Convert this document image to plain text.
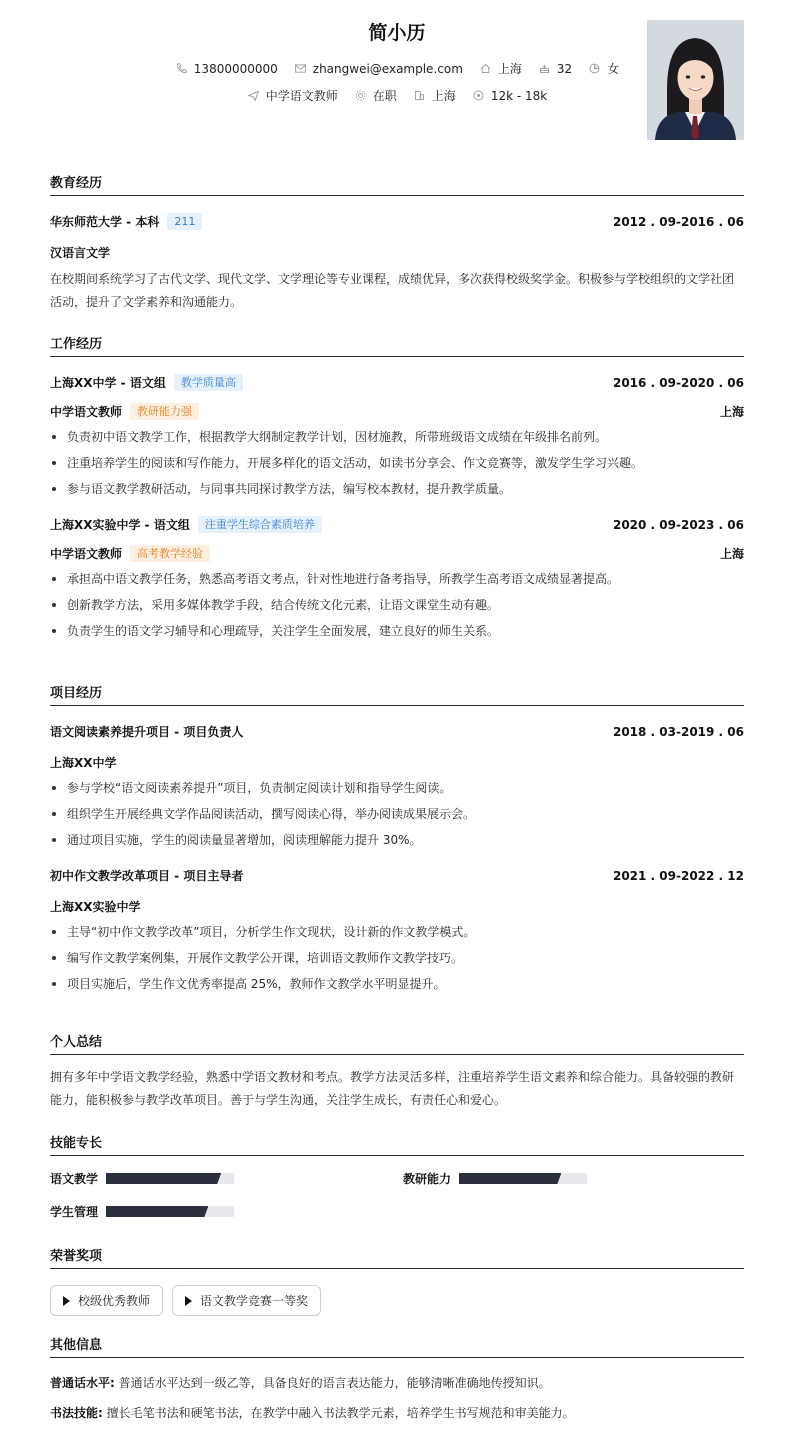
简小历
13800000000	zhangwei@example.com	上海	32	女
中学语文教师	在职	上海	12k - 18k
教育经历
华东师范大学 - 本科	211	2012 . 09-2016 . 06
汉语言文学
在校期间系统学习了古代文学、现代文学、文学理论等专业课程，成绩优异，多次获得校级奖学金。积极参与学校组织的文学社团活动，提升了文学素养和沟通能力。
工作经历
上海XX中学 - 语文组	教学质量高	2016 . 09-2020 . 06
中学语文教师	教研能力强	上海
负责初中语文教学工作，根据教学大纲制定教学计划，因材施教，所带班级语文成绩在年级排名前列。
注重培养学生的阅读和写作能力，开展多样化的语文活动，如读书分享会、作文竞赛等，激发学生学习兴趣。
参与语文教学教研活动，与同事共同探讨教学方法，编写校本教材，提升教学质量。
上海XX实验中学 - 语文组	注重学生综合素质培养	2020 . 09-2023 . 06
中学语文教师	高考教学经验	上海
承担高中语文教学任务，熟悉高考语文考点，针对性地进行备考指导，所教学生高考语文成绩显著提高。
创新教学方法，采用多媒体教学手段，结合传统文化元素，让语文课堂生动有趣。
负责学生的语文学习辅导和心理疏导，关注学生全面发展，建立良好的师生关系。
项目经历
语文阅读素养提升项目 - 项目负责人	2018 . 03-2019 . 06
上海XX中学
参与学校“语文阅读素养提升”项目，负责制定阅读计划和指导学生阅读。
组织学生开展经典文学作品阅读活动，撰写阅读心得，举办阅读成果展示会。
通过项目实施，学生的阅读量显著增加，阅读理解能力提升 30%。
初中作文教学改革项目 - 项目主导者	2021 . 09-2022 . 12
上海XX实验中学
主导“初中作文教学改革”项目，分析学生作文现状，设计新的作文教学模式。
编写作文教学案例集，开展作文教学公开课，培训语文教师作文教学技巧。
项目实施后，学生作文优秀率提高 25%，教师作文教学水平明显提升。
个人总结
拥有多年中学语文教学经验，熟悉中学语文教材和考点。教学方法灵活多样，注重培养学生语文素养和综合能力。具备较强的教研能力，能积极参与教学改革项目。善于与学生沟通，关注学生成长，有责任心和爱心。
技能专长
语文教学	教研能力
学生管理
荣誉奖项
校级优秀教师	语文教学竞赛一等奖
其他信息
普通话水平: 普通话水平达到一级乙等，具备良好的语言表达能力，能够清晰准确地传授知识。
书法技能: 擅长毛笔书法和硬笔书法，在教学中融入书法教学元素，培养学生书写规范和审美能力。
